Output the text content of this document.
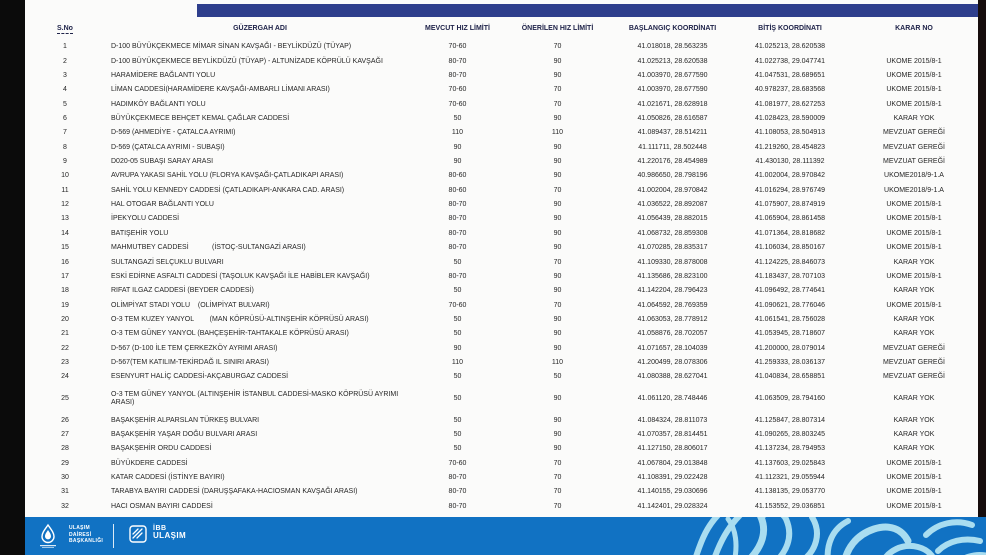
S.No	GÜZERGAH ADI	MEVCUT HIZ LİMİTİ	ÖNERİLEN HIZ LİMİTİ	BAŞLANGIÇ KOORDİNATI	BİTİŞ KOORDİNATI	KARAR NO
1	D-100 BÜYÜKÇEKMECE MİMAR SİNAN KAVŞAĞI - BEYLİKDÜZÜ (TÜYAP)	70-60	70	41.018018, 28.563235	41.025213, 28.620538	
2	D-100 BÜYÜKÇEKMECE BEYLİKDÜZÜ (TÜYAP) - ALTUNİZADE KÖPRÜLÜ KAVŞAĞI	80-70	90	41.025213, 28.620538	41.022738, 29.047741	UKOME 2015/8-1
3	HARAMİDERE BAĞLANTI YOLU	80-70	90	41.003970, 28.677590	41.047531, 28.689651	UKOME 2015/8-1
4	LİMAN CADDESİ(HARAMİDERE KAVŞAĞI-AMBARLI LİMANI ARASI)	70-60	70	41.003970, 28.677590	40.978237, 28.683568	UKOME 2015/8-1
5	HADIMKÖY BAĞLANTI YOLU	70-60	70	41.021671, 28.628918	41.081977, 28.627253	UKOME 2015/8-1
6	BÜYÜKÇEKMECE BEHÇET KEMAL ÇAĞLAR CADDESİ	50	90	41.050826, 28.616587	41.028423, 28.590009	KARAR YOK
7	D-569 (AHMEDİYE - ÇATALCA AYRIMI)	110	110	41.089437, 28.514211	41.108053, 28.504913	MEVZUAT GEREĞİ
8	D-569 (ÇATALCA AYRIMI - SUBAŞI)	90	90	41.111711, 28.502448	41.219260, 28.454823	MEVZUAT GEREĞİ
9	D020-05 SUBAŞI SARAY ARASI	90	90	41.220176, 28.454989	41.430130, 28.111392	MEVZUAT GEREĞİ
10	AVRUPA YAKASI SAHİL YOLU (FLORYA KAVŞAĞI-ÇATLADIKAPI ARASI)	80-60	90	40.986650, 28.798196	41.002004, 28.970842	UKOME2018/9-1.A
11	SAHİL YOLU KENNEDY CADDESİ (ÇATLADIKAPI-ANKARA CAD. ARASI)	80-60	70	41.002004, 28.970842	41.016294, 28.976749	UKOME2018/9-1.A
12	HAL OTOGAR BAĞLANTI YOLU	80-70	90	41.036522, 28.892087	41.075907, 28.874919	UKOME 2015/8-1
13	İPEKYOLU CADDESİ	80-70	90	41.056439, 28.882015	41.065904, 28.861458	UKOME 2015/8-1
14	BATIŞEHİR YOLU	80-70	90	41.068732, 28.859308	41.071364, 28.818682	UKOME 2015/8-1
15	MAHMUTBEY CADDESİ            (İSTOÇ-SULTANGAZİ ARASI)	80-70	90	41.070285, 28.835317	41.106034, 28.850167	UKOME 2015/8-1
16	SULTANGAZİ SELÇUKLU BULVARI	50	70	41.109330, 28.878008	41.124225, 28.846073	KARAR YOK
17	ESKİ EDİRNE ASFALTI CADDESİ (TAŞOLUK KAVŞAĞI İLE HABİBLER KAVŞAĞI)	80-70	90	41.135686, 28.823100	41.183437, 28.707103	UKOME 2015/8-1
18	RIFAT ILGAZ CADDESİ (BEYDER CADDESİ)	50	90	41.142204, 28.796423	41.096492, 28.774641	KARAR YOK
19	OLİMPİYAT STADI YOLU    (OLİMPİYAT BULVARI)	70-60	70	41.064592, 28.769359	41.090621, 28.776046	UKOME 2015/8-1
20	O-3 TEM KUZEY YANYOL        (MAN KÖPRÜSÜ-ALTINŞEHİR KÖPRÜSÜ ARASI)	50	90	41.063053, 28.778912	41.061541, 28.756028	KARAR YOK
21	O-3 TEM GÜNEY YANYOL (BAHÇEŞEHİR-TAHTAKALE KÖPRÜSÜ ARASI)	50	90	41.058876, 28.702057	41.053945, 28.718607	KARAR YOK
22	D-567 (D-100 İLE TEM ÇERKEZKÖY AYRIMI ARASI)	90	90	41.071657, 28.104039	41.200000, 28.079014	MEVZUAT GEREĞİ
23	D-567(TEM KATILIM-TEKİRDAĞ IL SINIRI ARASI)	110	110	41.200499, 28.078306	41.259333, 28.036137	MEVZUAT GEREĞİ
24	ESENYURT HALİÇ CADDESİ-AKÇABURGAZ CADDESİ	50	50	41.080388, 28.627041	41.040834, 28.658851	MEVZUAT GEREĞİ
25	O-3 TEM GÜNEY YANYOL (ALTINŞEHİR İSTANBUL CADDESİ-MASKO KÖPRÜSÜ AYRIMI ARASI)	50	90	41.061120, 28.748446	41.063509, 28.794160	KARAR YOK
26	BAŞAKŞEHİR ALPARSLAN TÜRKEŞ BULVARI	50	90	41.084324, 28.811073	41.125847, 28.807314	KARAR YOK
27	BAŞAKŞEHİR YAŞAR DOĞU BULVARI ARASI	50	90	41.070357, 28.814451	41.090265, 28.803245	KARAR YOK
28	BAŞAKŞEHİR ORDU CADDESİ	50	90	41.127150, 28.806017	41.137234, 28.794953	KARAR YOK
29	BÜYÜKDERE CADDESİ	70-60	70	41.067804, 29.013848	41.137603, 29.025843	UKOME 2015/8-1
30	KATAR CADDESİ (İSTİNYE BAYIRI)	80-70	70	41.108391, 29.022428	41.112321, 29.055944	UKOME 2015/8-1
31	TARABYA BAYIRI CADDESİ (DARUŞŞAFAKA-HACIOSMAN KAVŞAĞI ARASI)	80-70	70	41.140155, 29.030696	41.138135, 29.053770	UKOME 2015/8-1
32	HACI OSMAN BAYIRI CADDESİ	80-70	70	41.142401, 29.028324	41.153552, 29.036851	UKOME 2015/8-1
ULAŞIM
DAİRESİ
BAŞKANLIĞI
İBB
ULAŞIM
